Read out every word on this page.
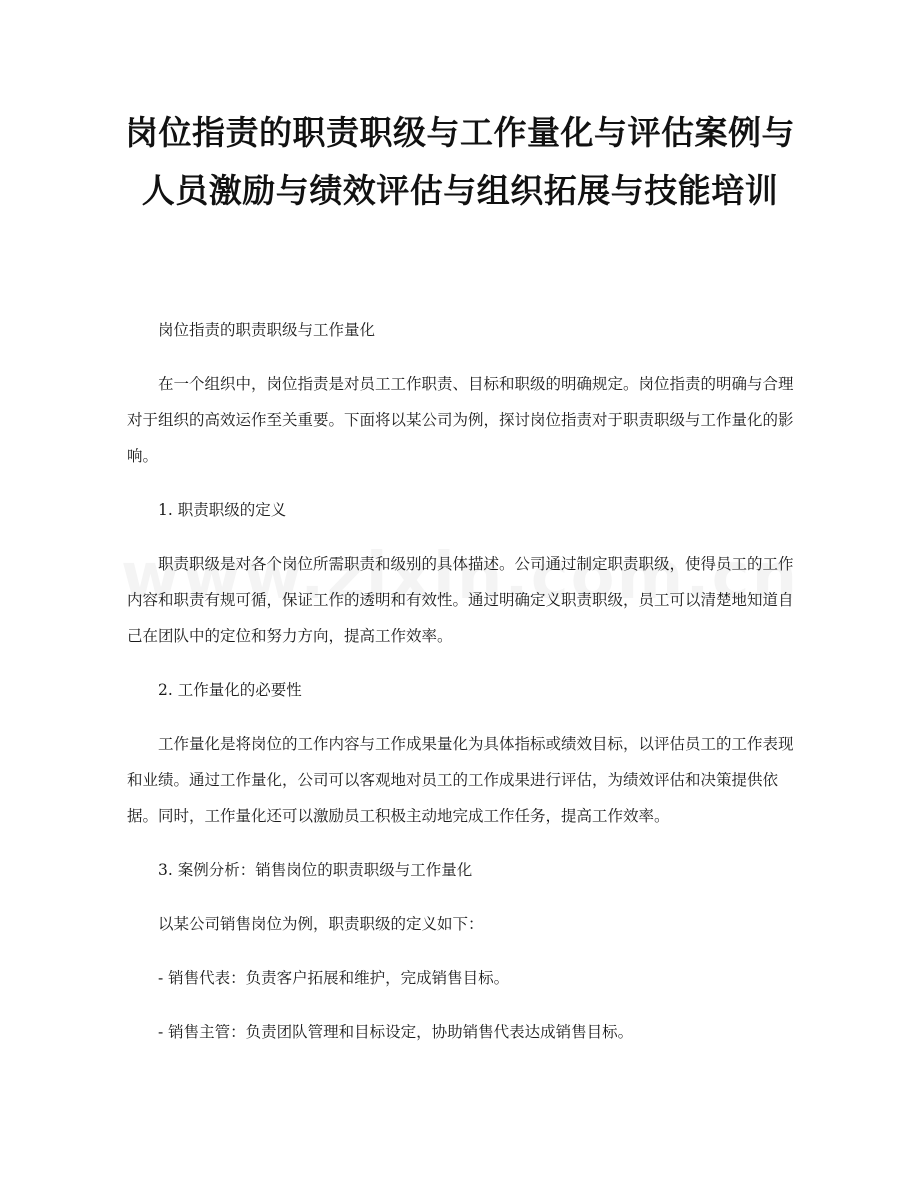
岗位指责的职责职级与工作量化与评估案例与人员激励与绩效评估与组织拓展与技能培训

岗位指责的职责职级与工作量化

在一个组织中，岗位指责是对员工工作职责、目标和职级的明确规定。岗位指责的明确与合理对于组织的高效运作至关重要。下面将以某公司为例，探讨岗位指责对于职责职级与工作量化的影响。

1. 职责职级的定义

职责职级是对各个岗位所需职责和级别的具体描述。公司通过制定职责职级，使得员工的工作内容和职责有规可循，保证工作的透明和有效性。通过明确定义职责职级，员工可以清楚地知道自己在团队中的定位和努力方向，提高工作效率。

2. 工作量化的必要性

工作量化是将岗位的工作内容与工作成果量化为具体指标或绩效目标，以评估员工的工作表现和业绩。通过工作量化，公司可以客观地对员工的工作成果进行评估，为绩效评估和决策提供依据。同时，工作量化还可以激励员工积极主动地完成工作任务，提高工作效率。

3. 案例分析：销售岗位的职责职级与工作量化

以某公司销售岗位为例，职责职级的定义如下：

- 销售代表：负责客户拓展和维护，完成销售目标。

- 销售主管：负责团队管理和目标设定，协助销售代表达成销售目标。
